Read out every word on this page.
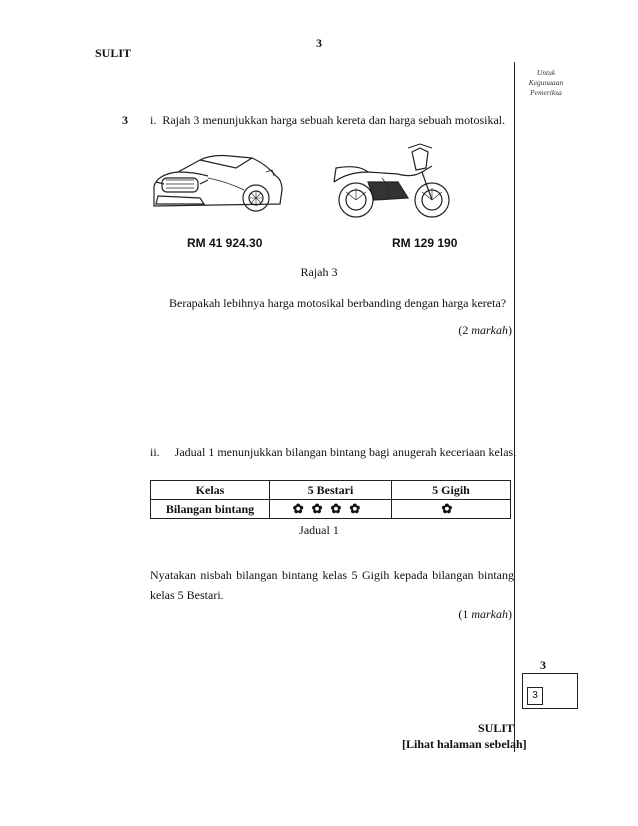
3
SULIT
Untuk
Kegunaaan
Pemeriksa
3 i. Rajah 3 menunjukkan harga sebuah kereta dan harga sebuah motosikal.
RM 41 924.30	RM 129 190
Rajah 3
Berapakah lebihnya harga motosikal berbanding dengan harga kereta?
(2 markah)
ii. Jadual 1 menunjukkan bilangan bintang bagi anugerah keceriaan kelas.
Kelas	5 Bestari	5 Gigih
Bilangan bintang	✿✿✿✿	✿
Jadual 1
Nyatakan nisbah bilangan bintang kelas 5 Gigih kepada bilangan bintang
kelas 5 Bestari.
(1 markah)
3
3
SULIT
[Lihat halaman sebelah]
